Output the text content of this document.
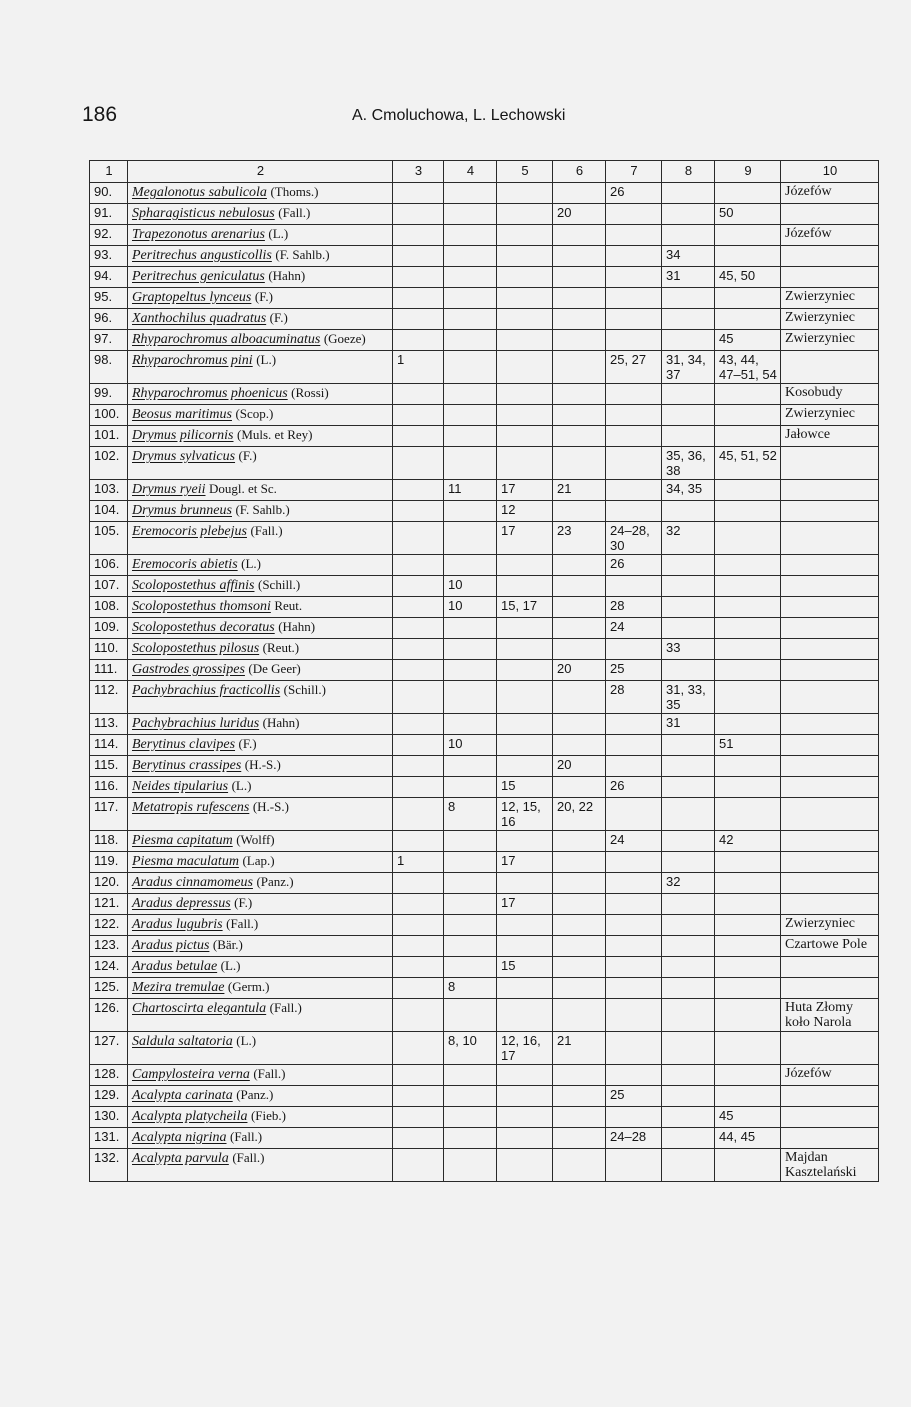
186	A. Cmoluchowa, L. Lechowski
1	2	3	4	5	6	7	8	9	10
90.	Megalonotus sabulicola (Thoms.)					26			Józefów
91.	Spharagisticus nebulosus (Fall.)				20			50	
92.	Trapezonotus arenarius (L.)								Józefów
93.	Peritrechus angusticollis (F. Sahlb.)						34		
94.	Peritrechus geniculatus (Hahn)						31	45, 50	
95.	Graptopeltus lynceus (F.)								Zwierzyniec
96.	Xanthochilus quadratus (F.)								Zwierzyniec
97.	Rhyparochromus alboacuminatus (Goeze)							45	Zwierzyniec
98.	Rhyparochromus pini (L.)	1				25, 27	31, 34, 37	43, 44, 47–51, 54	
99.	Rhyparochromus phoenicus (Rossi)								Kosobudy
100.	Beosus maritimus (Scop.)								Zwierzyniec
101.	Drymus pilicornis (Muls. et Rey)								Jałowce
102.	Drymus sylvaticus (F.)						35, 36, 38	45, 51, 52	
103.	Drymus ryeii Dougl. et Sc.		11	17	21		34, 35		
104.	Drymus brunneus (F. Sahlb.)			12					
105.	Eremocoris plebejus (Fall.)			17	23	24–28, 30	32		
106.	Eremocoris abietis (L.)					26			
107.	Scolopostethus affinis (Schill.)		10						
108.	Scolopostethus thomsoni Reut.		10	15, 17		28			
109.	Scolopostethus decoratus (Hahn)					24			
110.	Scolopostethus pilosus (Reut.)						33		
111.	Gastrodes grossipes (De Geer)				20	25			
112.	Pachybrachius fracticollis (Schill.)					28	31, 33, 35		
113.	Pachybrachius luridus (Hahn)						31		
114.	Berytinus clavipes (F.)		10					51	
115.	Berytinus crassipes (H.-S.)				20				
116.	Neides tipularius (L.)			15		26			
117.	Metatropis rufescens (H.-S.)		8	12, 15, 16	20, 22				
118.	Piesma capitatum (Wolff)					24		42	
119.	Piesma maculatum (Lap.)	1		17					
120.	Aradus cinnamomeus (Panz.)						32		
121.	Aradus depressus (F.)			17					
122.	Aradus lugubris (Fall.)								Zwierzyniec
123.	Aradus pictus (Bär.)								Czartowe Pole
124.	Aradus betulae (L.)			15					
125.	Mezira tremulae (Germ.)		8						
126.	Chartoscirta elegantula (Fall.)								Huta Złomy koło Narola
127.	Saldula saltatoria (L.)		8, 10	12, 16, 17	21				
128.	Campylosteira verna (Fall.)								Józefów
129.	Acalypta carinata (Panz.)					25			
130.	Acalypta platycheila (Fieb.)							45	
131.	Acalypta nigrina (Fall.)					24–28		44, 45	
132.	Acalypta parvula (Fall.)								Majdan Kasztelański
